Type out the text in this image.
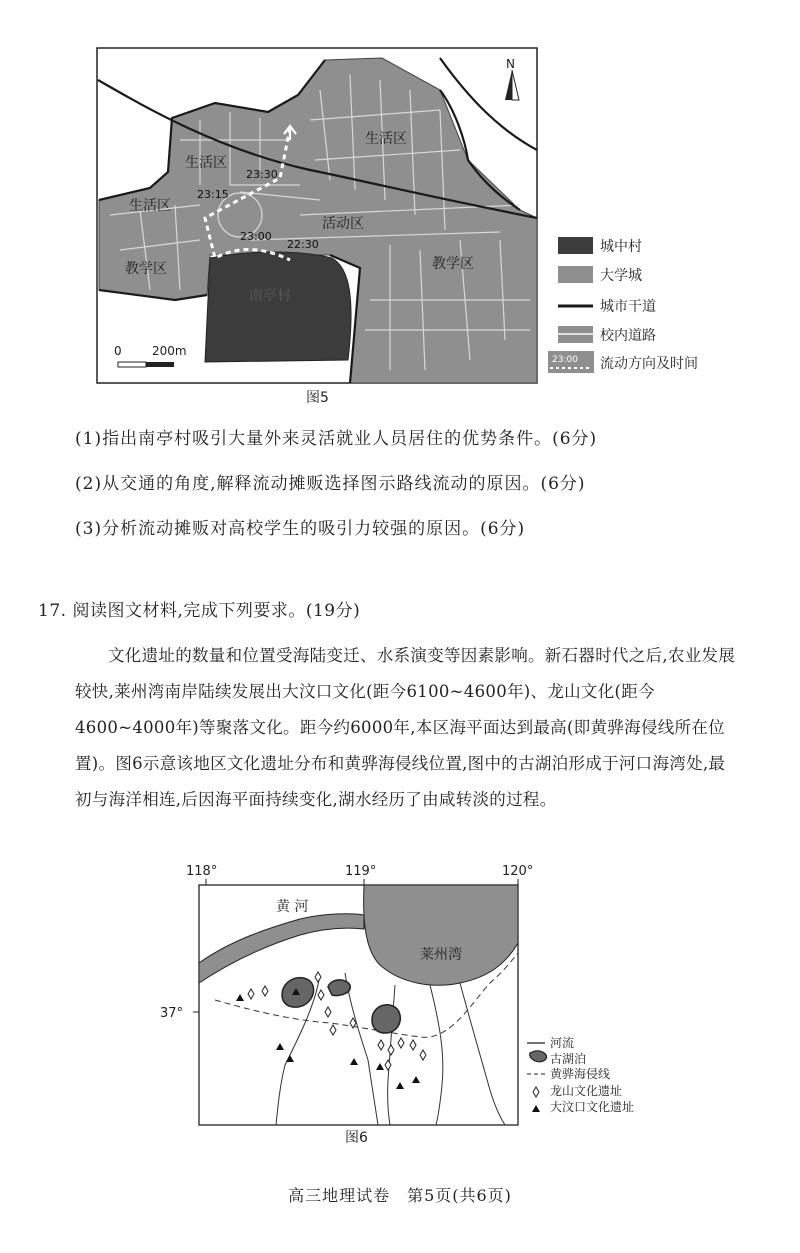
南亭村
生活区
生活区
生活区
活动区
教学区	教学区
23:30
23:15
23:00
22:30
N
0	200m
城中村
大学城
城市干道
校内道路
23:00 流动方向及时间
图5
(1)指出南亭村吸引大量外来灵活就业人员居住的优势条件。(6分)
(2)从交通的角度,解释流动摊贩选择图示路线流动的原因。(6分)
(3)分析流动摊贩对高校学生的吸引力较强的原因。(6分)
17. 阅读图文材料,完成下列要求。(19分)
文化遗址的数量和位置受海陆变迁、水系演变等因素影响。新石器时代之后,农业发展较快,莱州湾南岸陆续发展出大汶口文化(距今6100~4600年)、龙山文化(距今4600~4000年)等聚落文化。距今约6000年,本区海平面达到最高(即黄骅海侵线所在位置)。图6示意该地区文化遗址分布和黄骅海侵线位置,图中的古湖泊形成于河口海湾处,最初与海洋相连,后因海平面持续变化,湖水经历了由咸转淡的过程。
118°	119°	120°
37°
莱州湾
黄 河
河流
古湖泊
黄骅海侵线
龙山文化遗址
大汶口文化遗址
图6
高三地理试卷　第5页(共6页)
